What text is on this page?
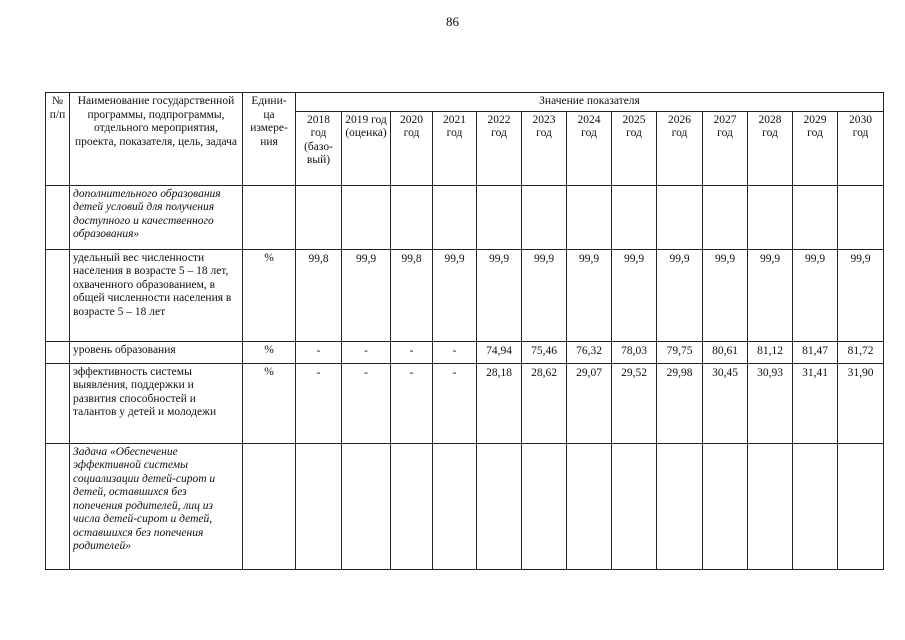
86
№ п/п	Наименование государственной программы, подпрограммы, отдельного мероприятия, проекта, показателя, цель, задача	Едини-ца измере-ния	Значение показателя												
			2018 год (базо-вый)	2019 год (оценка)	2020 год	2021 год	2022 год	2023 год	2024 год	2025 год	2026 год	2027 год	2028 год	2029 год	2030 год
	дополнительного образования детей условий для получения доступного и качественного образования»														
	удельный вес численности населения в возрасте 5 – 18 лет, охваченного образованием, в общей численности населения в возрасте 5 – 18 лет	%	99,8	99,9	99,8	99,9	99,9	99,9	99,9	99,9	99,9	99,9	99,9	99,9	99,9
	уровень образования	%	-	-	-	-	74,94	75,46	76,32	78,03	79,75	80,61	81,12	81,47	81,72
	эффективность системы выявления, поддержки и развития способностей и талантов у детей и молодежи	%	-	-	-	-	28,18	28,62	29,07	29,52	29,98	30,45	30,93	31,41	31,90
	Задача «Обеспечение эффективной системы социализации детей-сирот и детей, оставшихся без попечения родителей, лиц из числа детей-сирот и детей, оставшихся без попечения родителей»														
